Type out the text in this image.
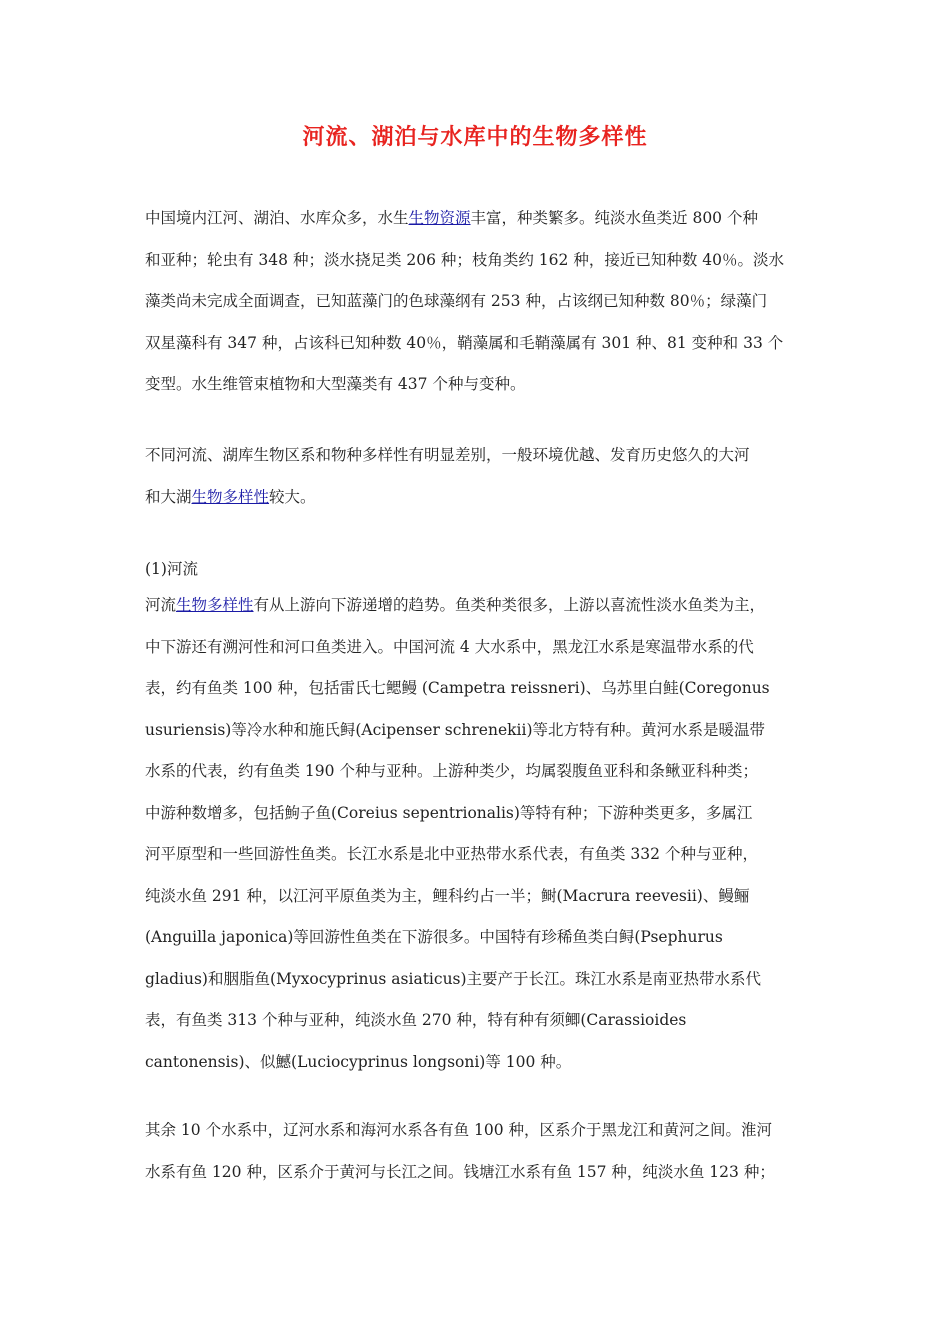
河流、湖泊与水库中的生物多样性
中国境内江河、湖泊、水库众多，水生生物资源丰富，种类繁多。纯淡水鱼类近 800 个种
和亚种；轮虫有 348 种；淡水挠足类 206 种；枝角类约 162 种，接近已知种数 40％。淡水
藻类尚未完成全面调查，已知蓝藻门的色球藻纲有 253 种，占该纲已知种数 80％；绿藻门
双星藻科有 347 种，占该科已知种数 40％，鞘藻属和毛鞘藻属有 301 种、81 变种和 33 个
变型。水生维管束植物和大型藻类有 437 个种与变种。
不同河流、湖库生物区系和物种多样性有明显差别，一般环境优越、发育历史悠久的大河
和大湖生物多样性较大。
(1)河流
河流生物多样性有从上游向下游递增的趋势。鱼类种类很多，上游以喜流性淡水鱼类为主，
中下游还有溯河性和河口鱼类进入。中国河流 4 大水系中，黑龙江水系是寒温带水系的代
表，约有鱼类 100 种，包括雷氏七鳃鳗 (Campetra reissneri)、乌苏里白鲑(Coregonus
usuriensis)等冷水种和施氏鲟(Acipenser schrenekii)等北方特有种。黄河水系是暖温带
水系的代表，约有鱼类 190 个种与亚种。上游种类少，均属裂腹鱼亚科和条鳅亚科种类；
中游种数增多，包括鮈子鱼(Coreius sepentrionalis)等特有种；下游种类更多，多属江
河平原型和一些回游性鱼类。长江水系是北中亚热带水系代表，有鱼类 332 个种与亚种，
纯淡水鱼 291 种，以江河平原鱼类为主，鲤科约占一半；鲥(Macrura reevesii)、鳗鲡
(Anguilla japonica)等回游性鱼类在下游很多。中国特有珍稀鱼类白鲟(Psephurus
gladius)和胭脂鱼(Myxocyprinus asiaticus)主要产于长江。珠江水系是南亚热带水系代
表，有鱼类 313 个种与亚种，纯淡水鱼 270 种，特有种有须鲫(Carassioides
cantonensis)、似鱤(Luciocyprinus longsoni)等 100 种。
其余 10 个水系中，辽河水系和海河水系各有鱼 100 种，区系介于黑龙江和黄河之间。淮河
水系有鱼 120 种，区系介于黄河与长江之间。钱塘江水系有鱼 157 种，纯淡水鱼 123 种；
